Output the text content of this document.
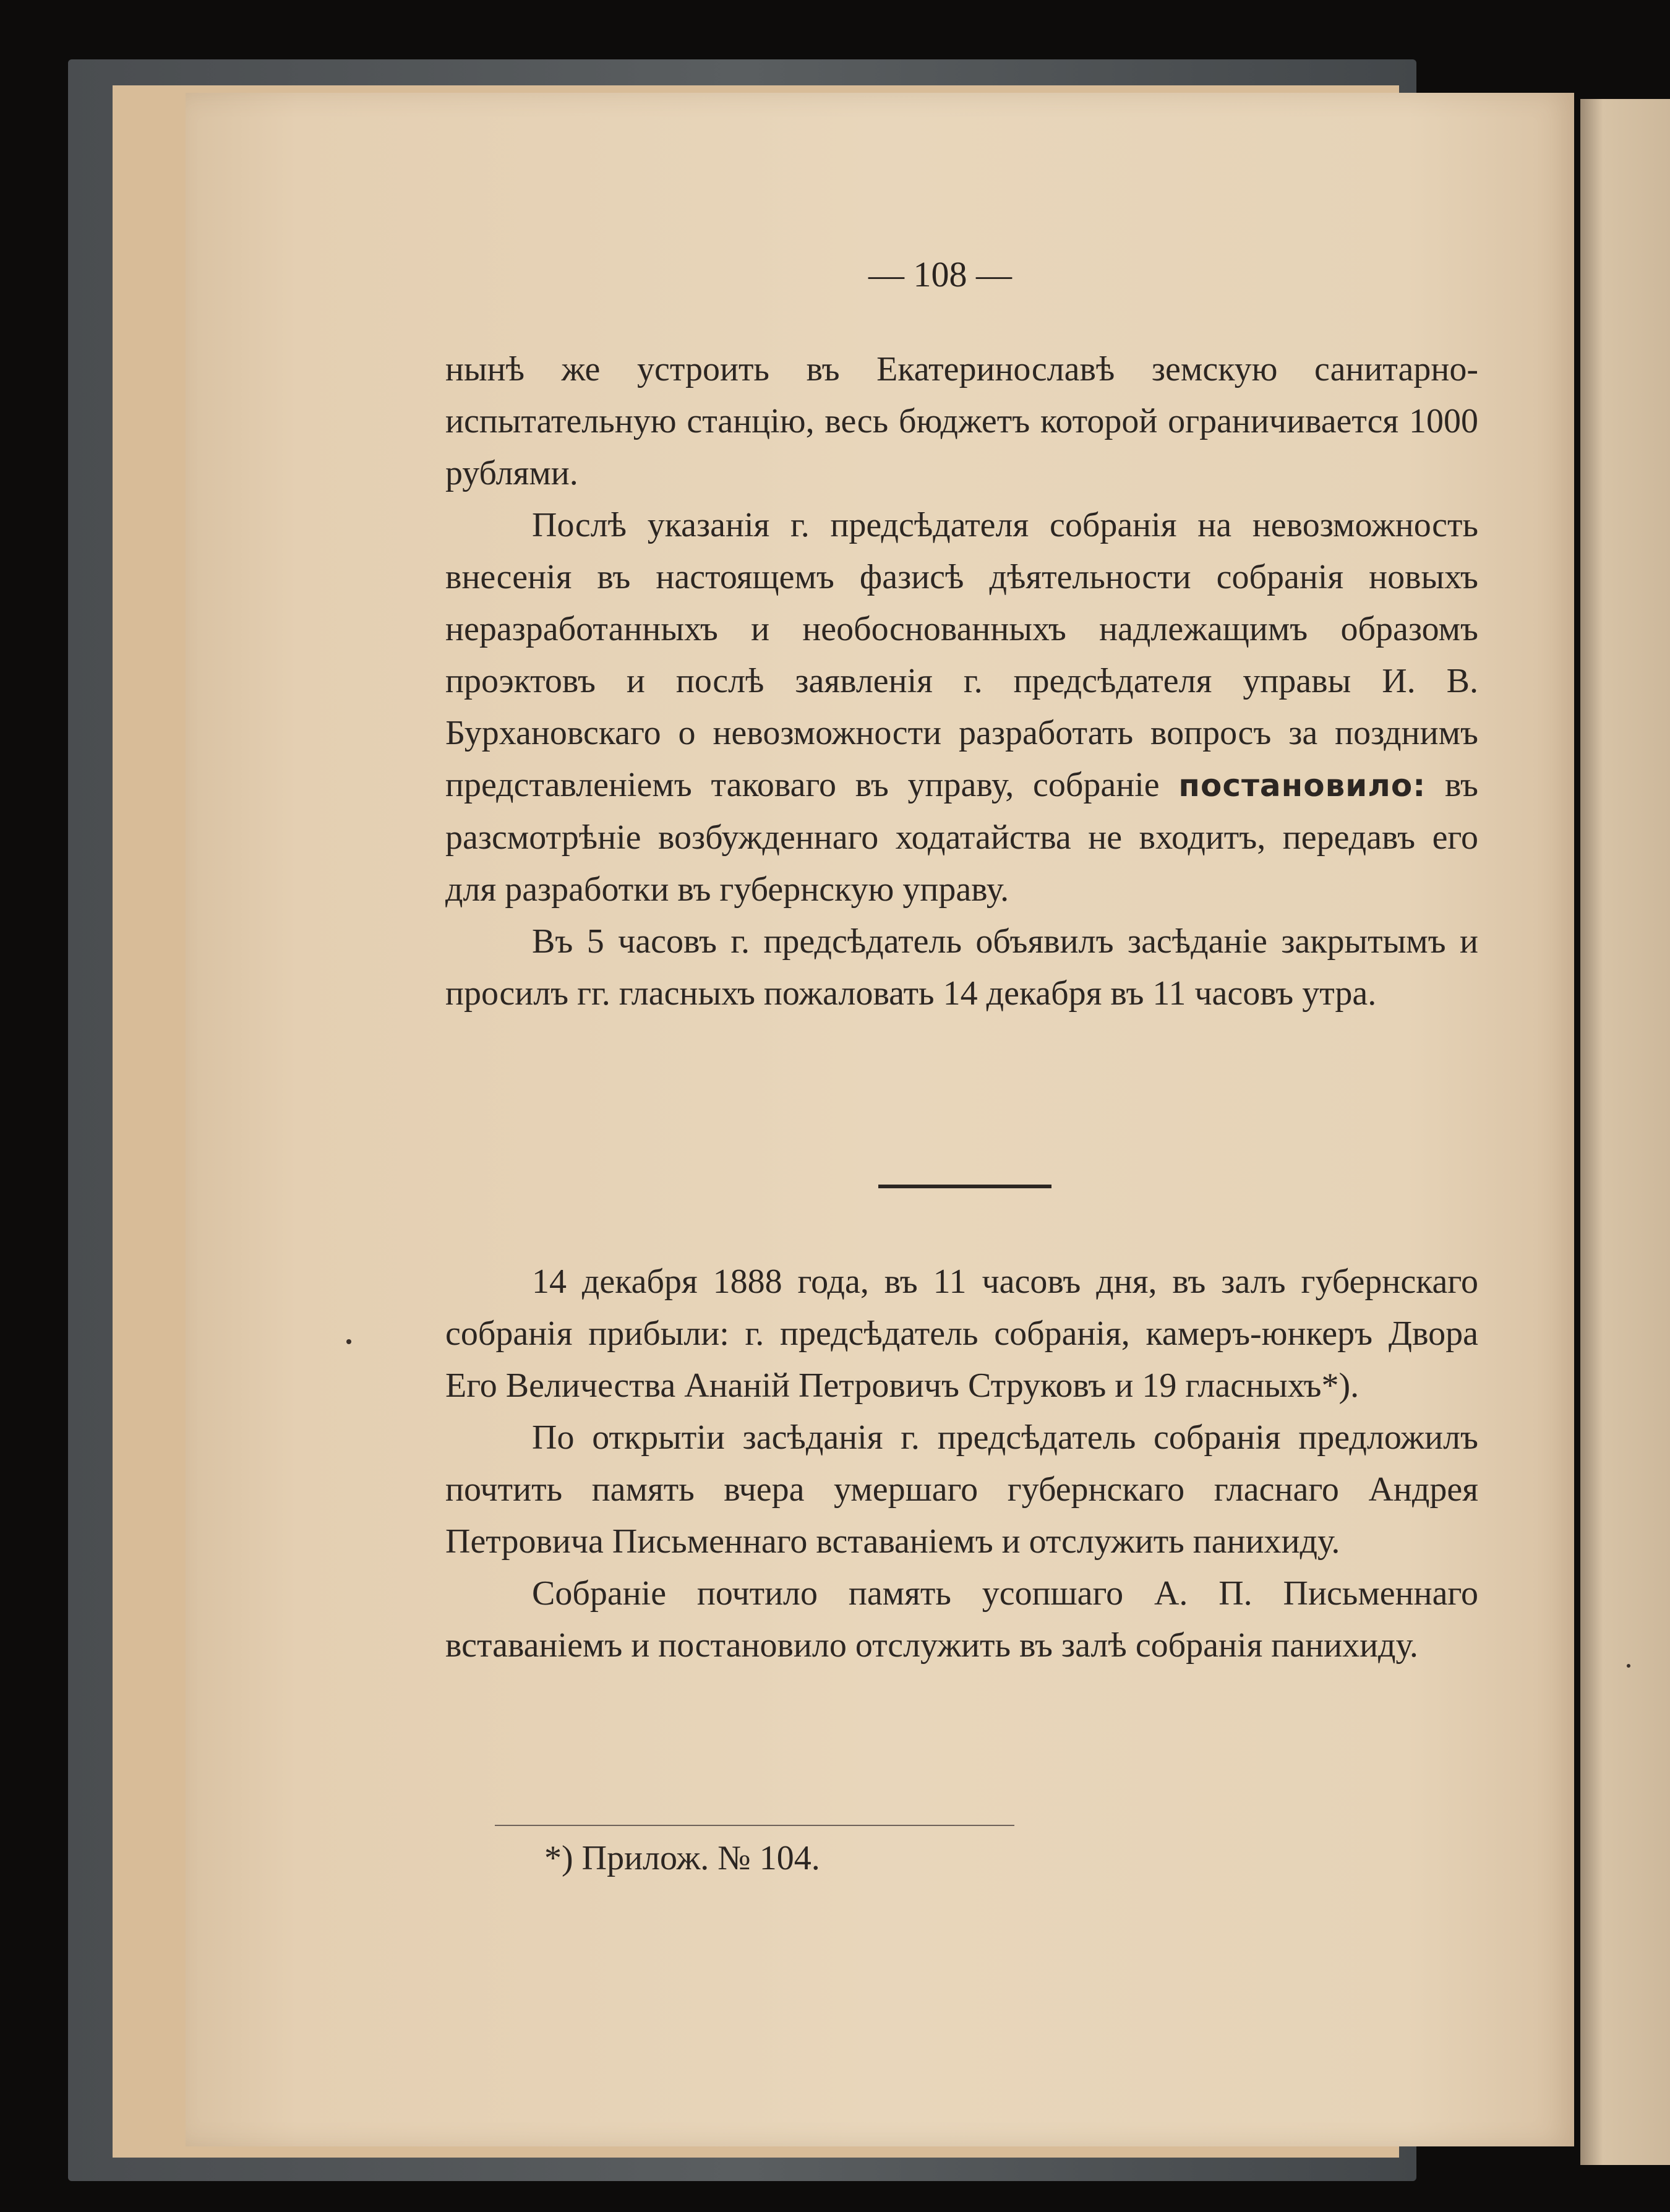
— 108 —

нынѣ же устроить въ Екатеринославѣ земскую санитарно-испытательную станцію, весь бюджетъ которой ограничивается 1000 рублями.

Послѣ указанія г. предсѣдателя собранія на невозможность внесенія въ настоящемъ фазисѣ дѣятельности собранія новыхъ неразработанныхъ и необоснованныхъ надлежащимъ образомъ проэктовъ и послѣ заявленія г. предсѣдателя управы И. В. Бурхановскаго о невозможности разработать вопросъ за позднимъ представленіемъ таковаго въ управу, собраніе постановило: въ разсмотрѣніе возбужденнаго ходатайства не входитъ, передавъ его для разработки въ губернскую управу.

Въ 5 часовъ г. предсѣдатель объявилъ засѣданіе закрытымъ и просилъ гг. гласныхъ пожаловать 14 декабря въ 11 часовъ утра.

14 декабря 1888 года, въ 11 часовъ дня, въ залъ губернскаго собранія прибыли: г. предсѣдатель собранія, камеръ-юнкеръ Двора Его Величества Ананій Петровичъ Струковъ и 19 гласныхъ*).

По открытіи засѣданія г. предсѣдатель собранія предложилъ почтить память вчера умершаго губернскаго гласнаго Андрея Петровича Письменнаго вставаніемъ и отслужить панихиду.

Собраніе почтило память усопшаго А. П. Письменнаго вставаніемъ и постановило отслужить въ залѣ собранія панихиду.

*) Прилож. № 104.
